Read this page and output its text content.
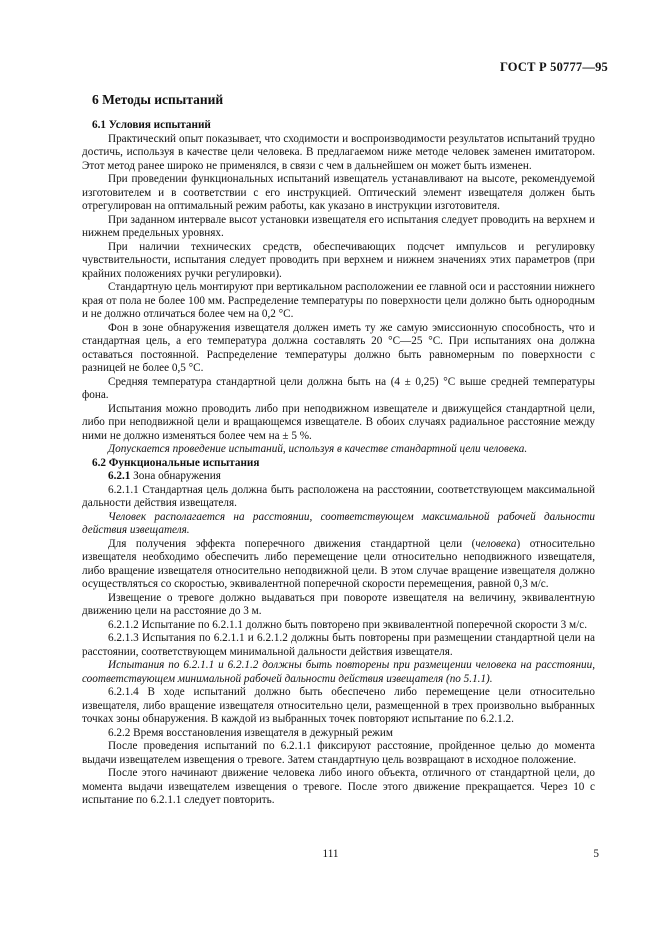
ГОСТ Р 50777—95
6 Методы испытаний
6.1 Условия испытаний

Практический опыт показывает, что сходимости и воспроизводимости результатов испытаний трудно достичь, используя в качестве цели человека. В предлагаемом ниже методе человек заменен имитатором. Этот метод ранее широко не применялся, в связи с чем в дальнейшем он может быть изменен.

При проведении функциональных испытаний извещатель устанавливают на высоте, рекомендуемой изготовителем и в соответствии с его инструкцией. Оптический элемент извещателя должен быть отрегулирован на оптимальный режим работы, как указано в инструкции изготовителя.

При заданном интервале высот установки извещателя его испытания следует проводить на верхнем и нижнем предельных уровнях.

При наличии технических средств, обеспечивающих подсчет импульсов и регулировку чувствительности, испытания следует проводить при верхнем и нижнем значениях этих параметров (при крайних положениях ручки регулировки).

Стандартную цель монтируют при вертикальном расположении ее главной оси и расстоянии нижнего края от пола не более 100 мм. Распределение температуры по поверхности цели должно быть однородным и не должно отличаться более чем на 0,2 °С.

Фон в зоне обнаружения извещателя должен иметь ту же самую эмиссионную способность, что и стандартная цель, а его температура должна составлять 20 °С—25 °С. При испытаниях она должна оставаться постоянной. Распределение температуры должно быть равномерным по поверхности с разницей не более 0,5 °С.

Средняя температура стандартной цели должна быть на (4 ± 0,25) °С выше средней температуры фона.

Испытания можно проводить либо при неподвижном извещателе и движущейся стандартной цели, либо при неподвижной цели и вращающемся извещателе. В обоих случаях радиальное расстояние между ними не должно изменяться более чем на ± 5 %.

Допускается проведение испытаний, используя в качестве стандартной цели человека.

6.2 Функциональные испытания

6.2.1 Зона обнаружения

6.2.1.1 Стандартная цель должна быть расположена на расстоянии, соответствующем максимальной дальности действия извещателя.

Человек располагается на расстоянии, соответствующем максимальной рабочей дальности действия извещателя.

Для получения эффекта поперечного движения стандартной цели (человека) относительно извещателя необходимо обеспечить либо перемещение цели относительно неподвижного извещателя, либо вращение извещателя относительно неподвижной цели. В этом случае вращение извещателя должно осуществляться со скоростью, эквивалентной поперечной скорости перемещения, равной 0,3 м/с.

Извещение о тревоге должно выдаваться при повороте извещателя на величину, эквивалентную движению цели на расстояние до 3 м.

6.2.1.2 Испытание по 6.2.1.1 должно быть повторено при эквивалентной поперечной скорости 3 м/с.

6.2.1.3 Испытания по 6.2.1.1 и 6.2.1.2 должны быть повторены при размещении стандартной цели на расстоянии, соответствующем минимальной дальности действия извещателя.

Испытания по 6.2.1.1 и 6.2.1.2 должны быть повторены при размещении человека на расстоянии, соответствующем минимальной рабочей дальности действия извещателя (по 5.1.1).

6.2.1.4 В ходе испытаний должно быть обеспечено либо перемещение цели относительно извещателя, либо вращение извещателя относительно цели, размещенной в трех произвольно выбранных точках зоны обнаружения. В каждой из выбранных точек повторяют испытание по 6.2.1.2.

6.2.2 Время восстановления извещателя в дежурный режим

После проведения испытаний по 6.2.1.1 фиксируют расстояние, пройденное целью до момента выдачи извещателем извещения о тревоге. Затем стандартную цель возвращают в исходное положение.

После этого начинают движение человека либо иного объекта, отличного от стандартной цели, до момента выдачи извещателем извещения о тревоге. После этого движение прекращается. Через 10 с испытание по 6.2.1.1 следует повторить.

111	5
